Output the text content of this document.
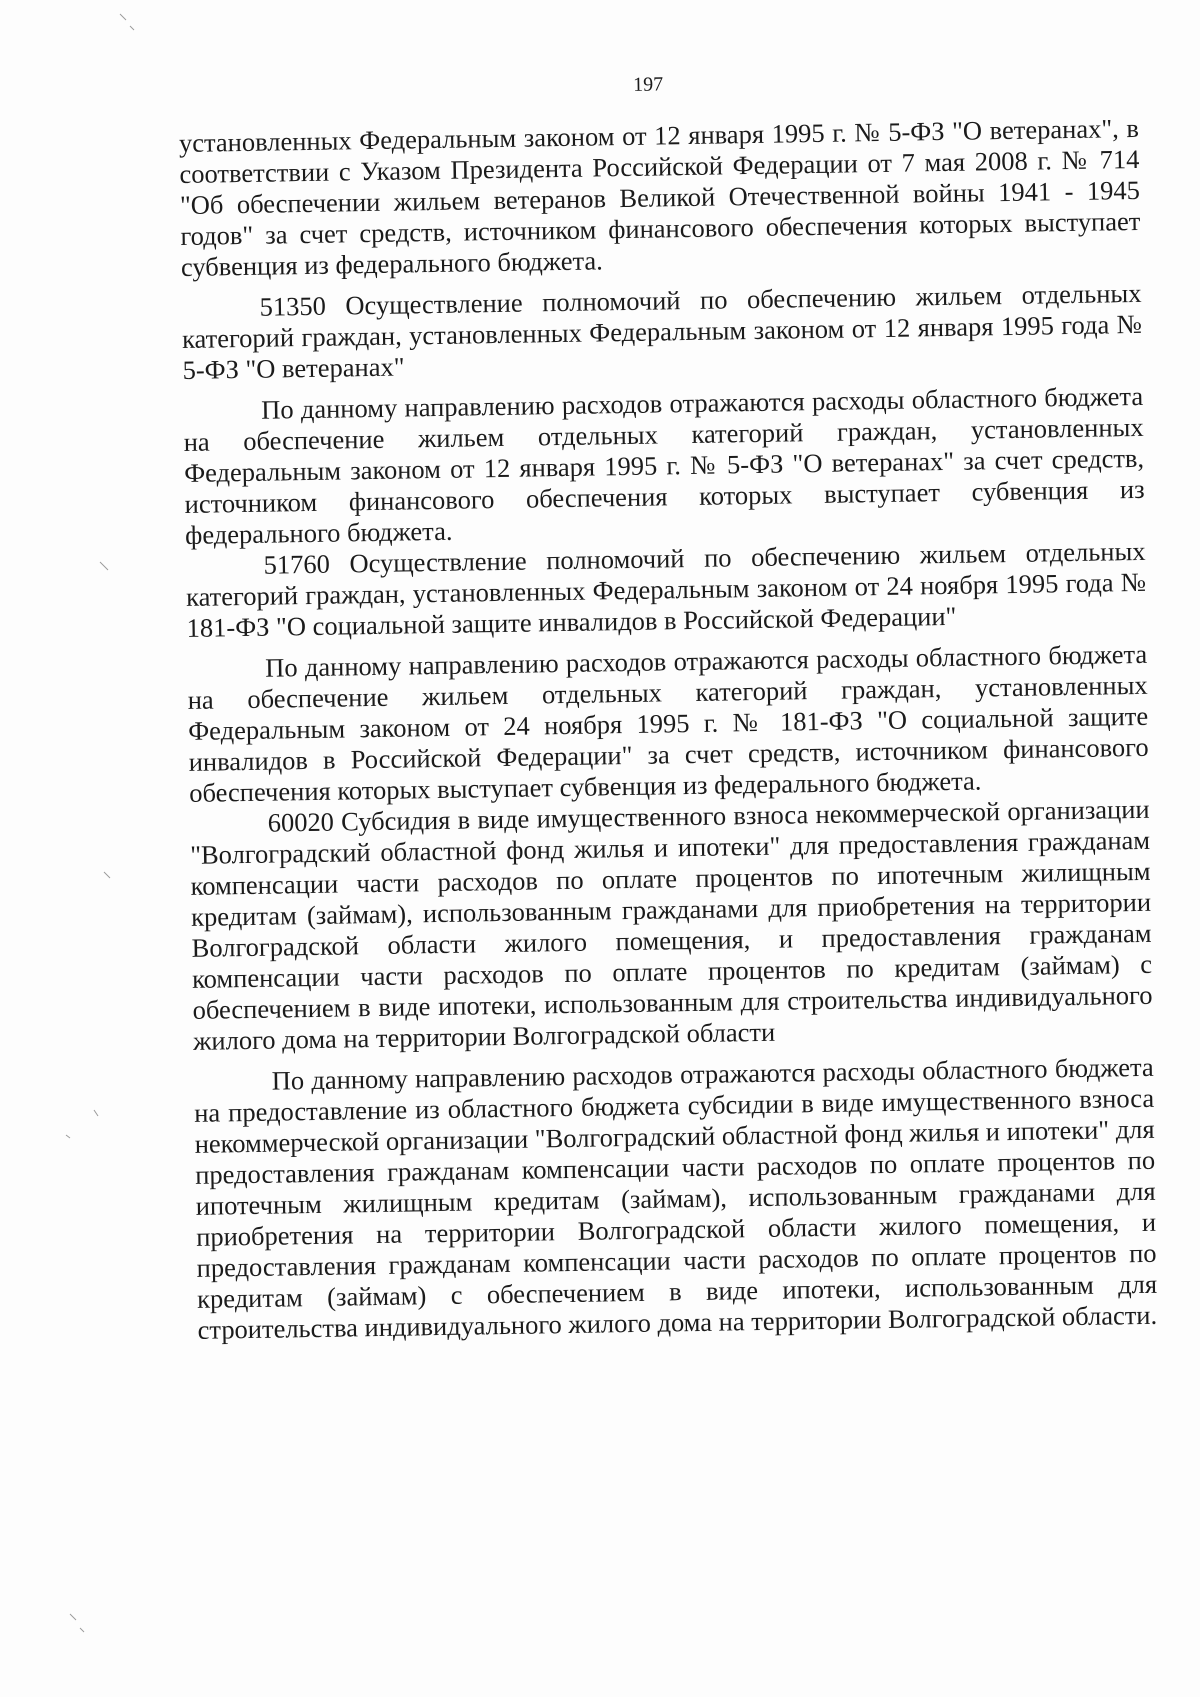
197

установленных Федеральным законом от 12 января 1995 г. № 5-ФЗ "О ветеранах", в соответствии с Указом Президента Российской Федерации от 7 мая 2008 г. № 714 "Об обеспечении жильем ветеранов Великой Отечественной войны 1941 - 1945 годов" за счет средств, источником финансового обеспечения которых выступает субвенция из федерального бюджета.

51350 Осуществление полномочий по обеспечению жильем отдельных категорий граждан, установленных Федеральным законом от 12 января 1995 года № 5-ФЗ "О ветеранах"

По данному направлению расходов отражаются расходы областного бюджета на обеспечение жильем отдельных категорий граждан, установленных Федеральным законом от 12 января 1995 г. № 5-ФЗ "О ветеранах" за счет средств, источником финансового обеспечения которых выступает субвенция из федерального бюджета.

51760 Осуществление полномочий по обеспечению жильем отдельных категорий граждан, установленных Федеральным законом от 24 ноября 1995 года № 181-ФЗ "О социальной защите инвалидов в Российской Федерации"

По данному направлению расходов отражаются расходы областного бюджета на обеспечение жильем отдельных категорий граждан, установленных Федеральным законом от 24 ноября 1995 г. № 181-ФЗ "О социальной защите инвалидов в Российской Федерации" за счет средств, источником финансового обеспечения которых выступает субвенция из федерального бюджета.

60020 Субсидия в виде имущественного взноса некоммерческой организации "Волгоградский областной фонд жилья и ипотеки" для предоставления гражданам компенсации части расходов по оплате процентов по ипотечным жилищным кредитам (займам), использованным гражданами для приобретения на территории Волгоградской области жилого помещения, и предоставления гражданам компенсации части расходов по оплате процентов по кредитам (займам) с обеспечением в виде ипотеки, использованным для строительства индивидуального жилого дома на территории Волгоградской области

По данному направлению расходов отражаются расходы областного бюджета на предоставление из областного бюджета субсидии в виде имущественного взноса некоммерческой организации "Волгоградский областной фонд жилья и ипотеки" для предоставления гражданам компенсации части расходов по оплате процентов по ипотечным жилищным кредитам (займам), использованным гражданами для приобретения на территории Волгоградской области жилого помещения, и предоставления гражданам компенсации части расходов по оплате процентов по кредитам (займам) с обеспечением в виде ипотеки, использованным для строительства индивидуального жилого дома на территории Волгоградской области.
